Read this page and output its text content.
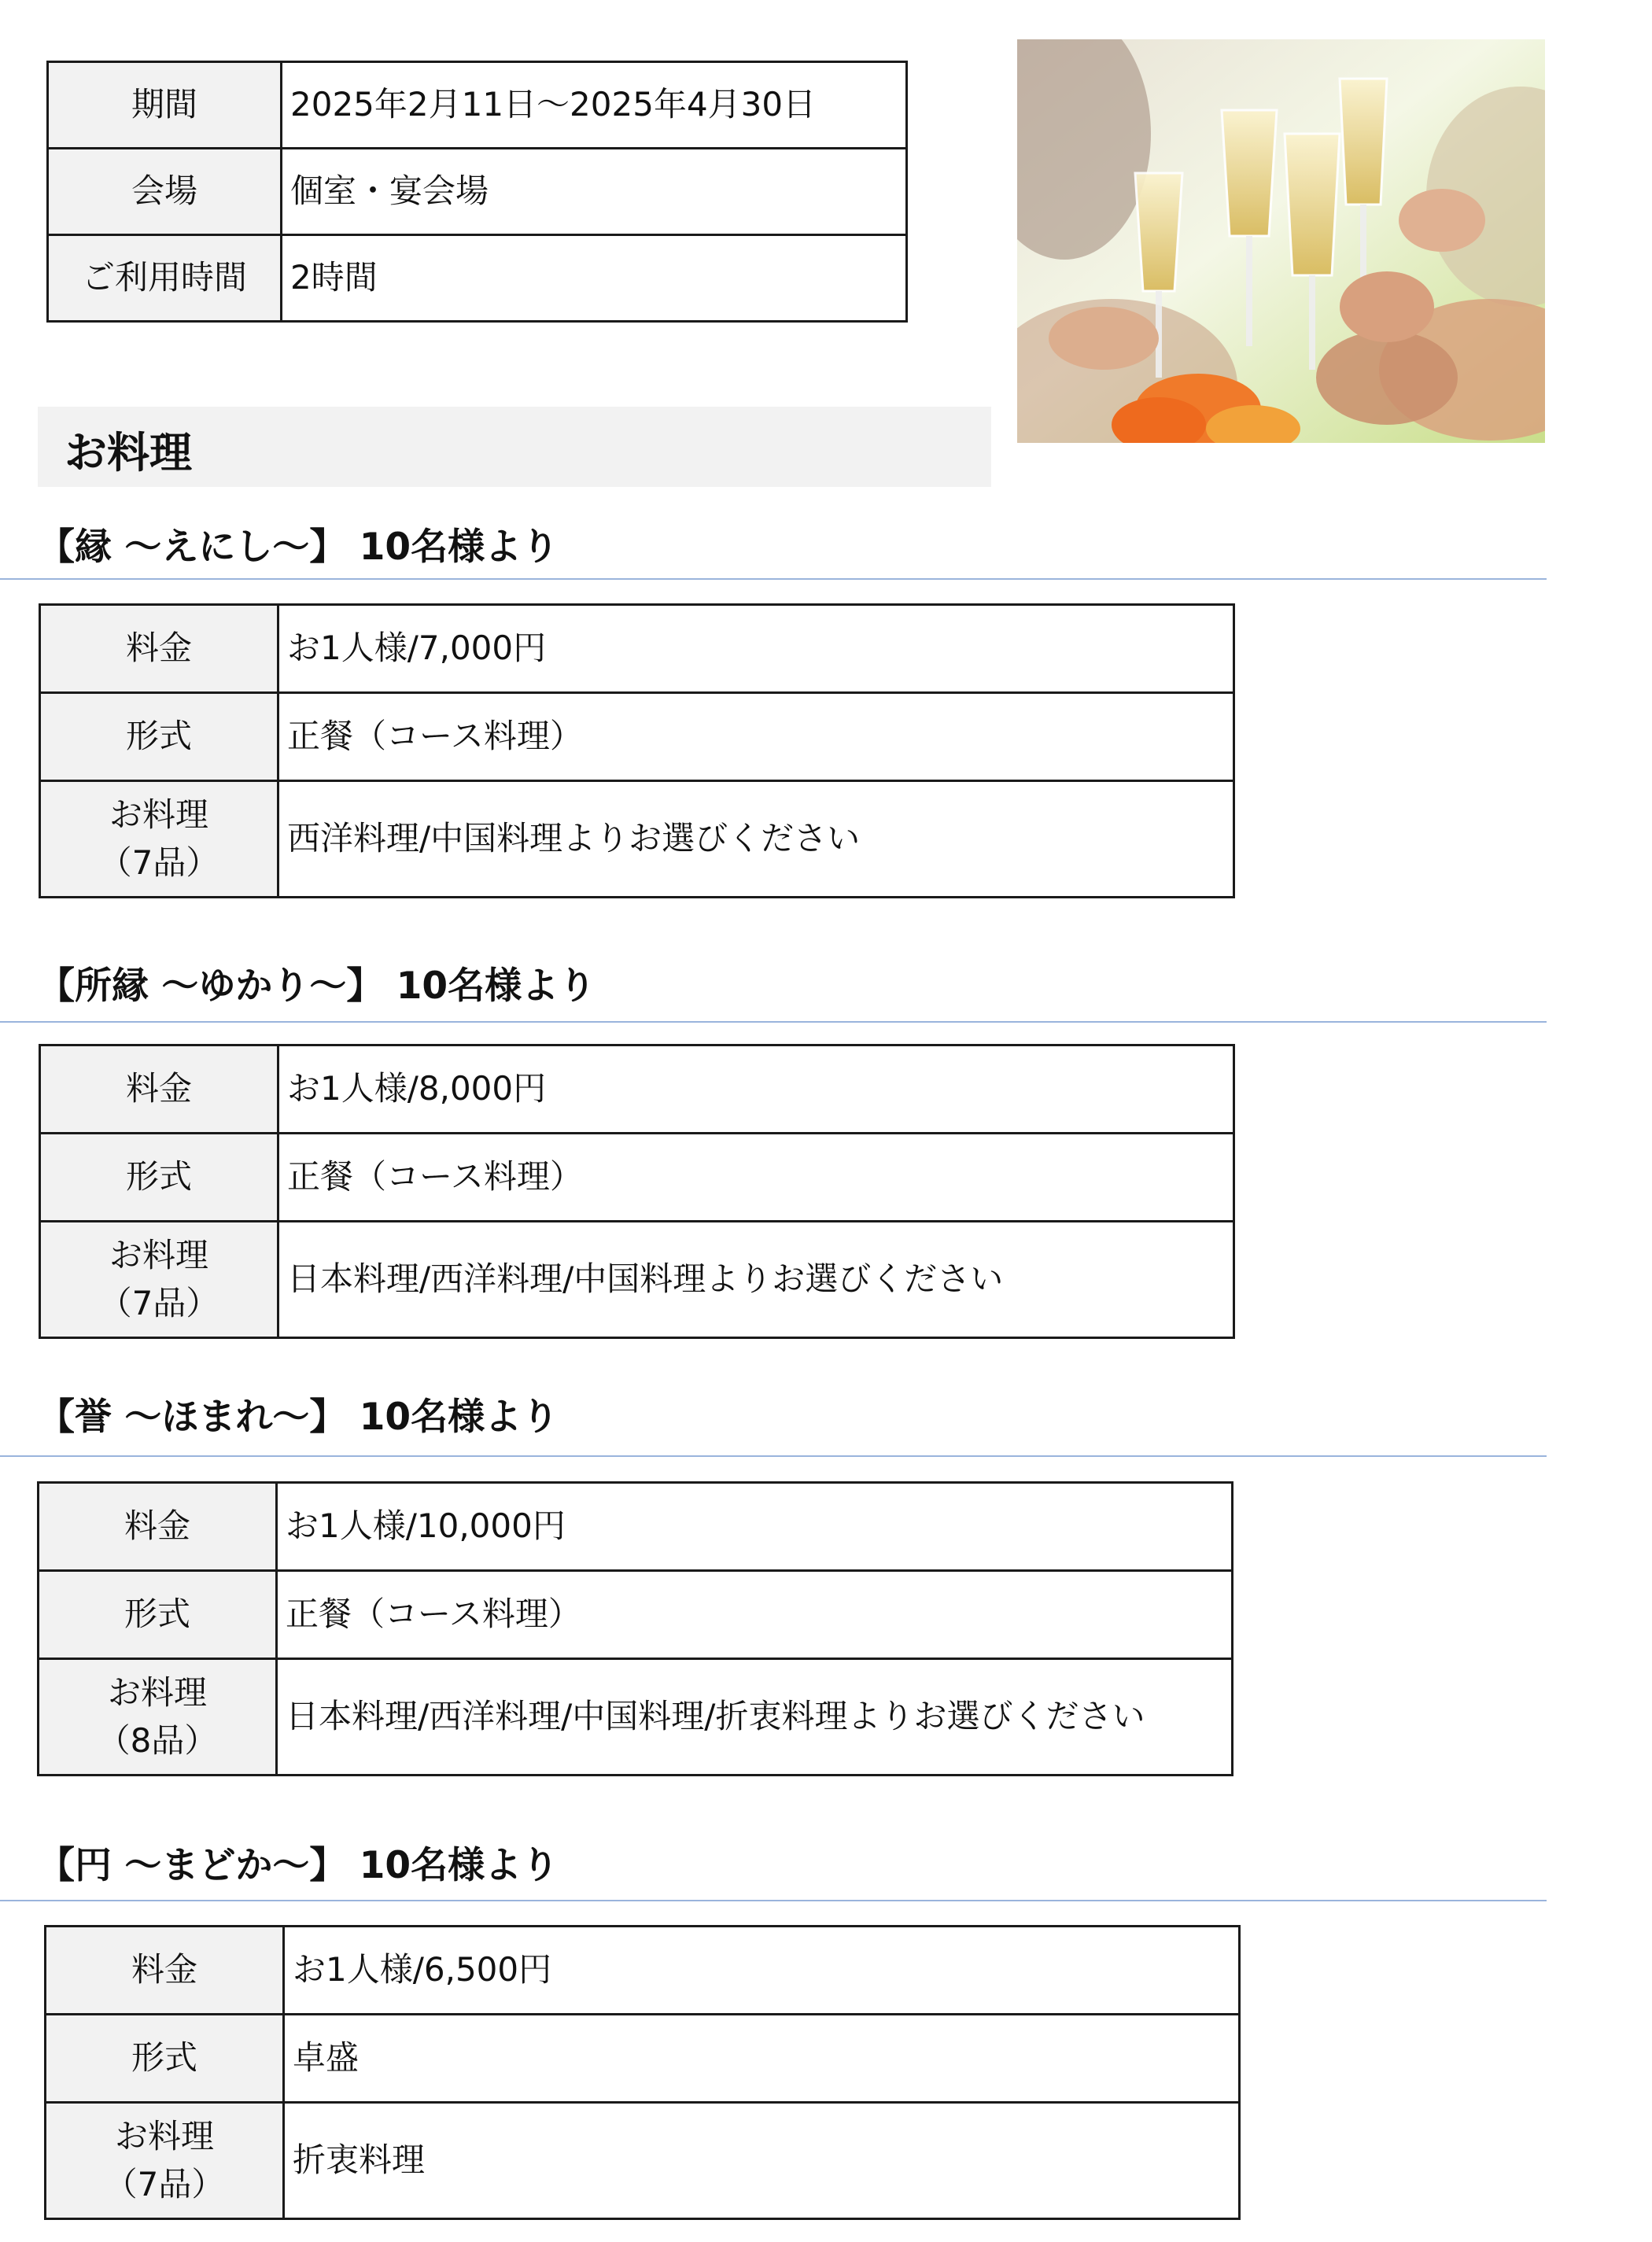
期間	2025年2月11日～2025年4月30日
会場	個室・宴会場
ご利用時間	2時間
お料理
【縁 ～えにし～】 10名様より
料金	お1人様/7,000円
形式	正餐（コース料理）

お料理
（7品）	西洋料理/中国料理よりお選びください
【所縁 ～ゆかり～】 10名様より
料金	お1人様/8,000円
形式	正餐（コース料理）

お料理
（7品）	日本料理/西洋料理/中国料理よりお選びください
【誉 ～ほまれ～】 10名様より
料金	お1人様/10,000円
形式	正餐（コース料理）

お料理
（8品）	日本料理/西洋料理/中国料理/折衷料理よりお選びください
【円 ～まどか～】 10名様より
料金	お1人様/6,500円
形式	卓盛

お料理
（7品）	折衷料理
